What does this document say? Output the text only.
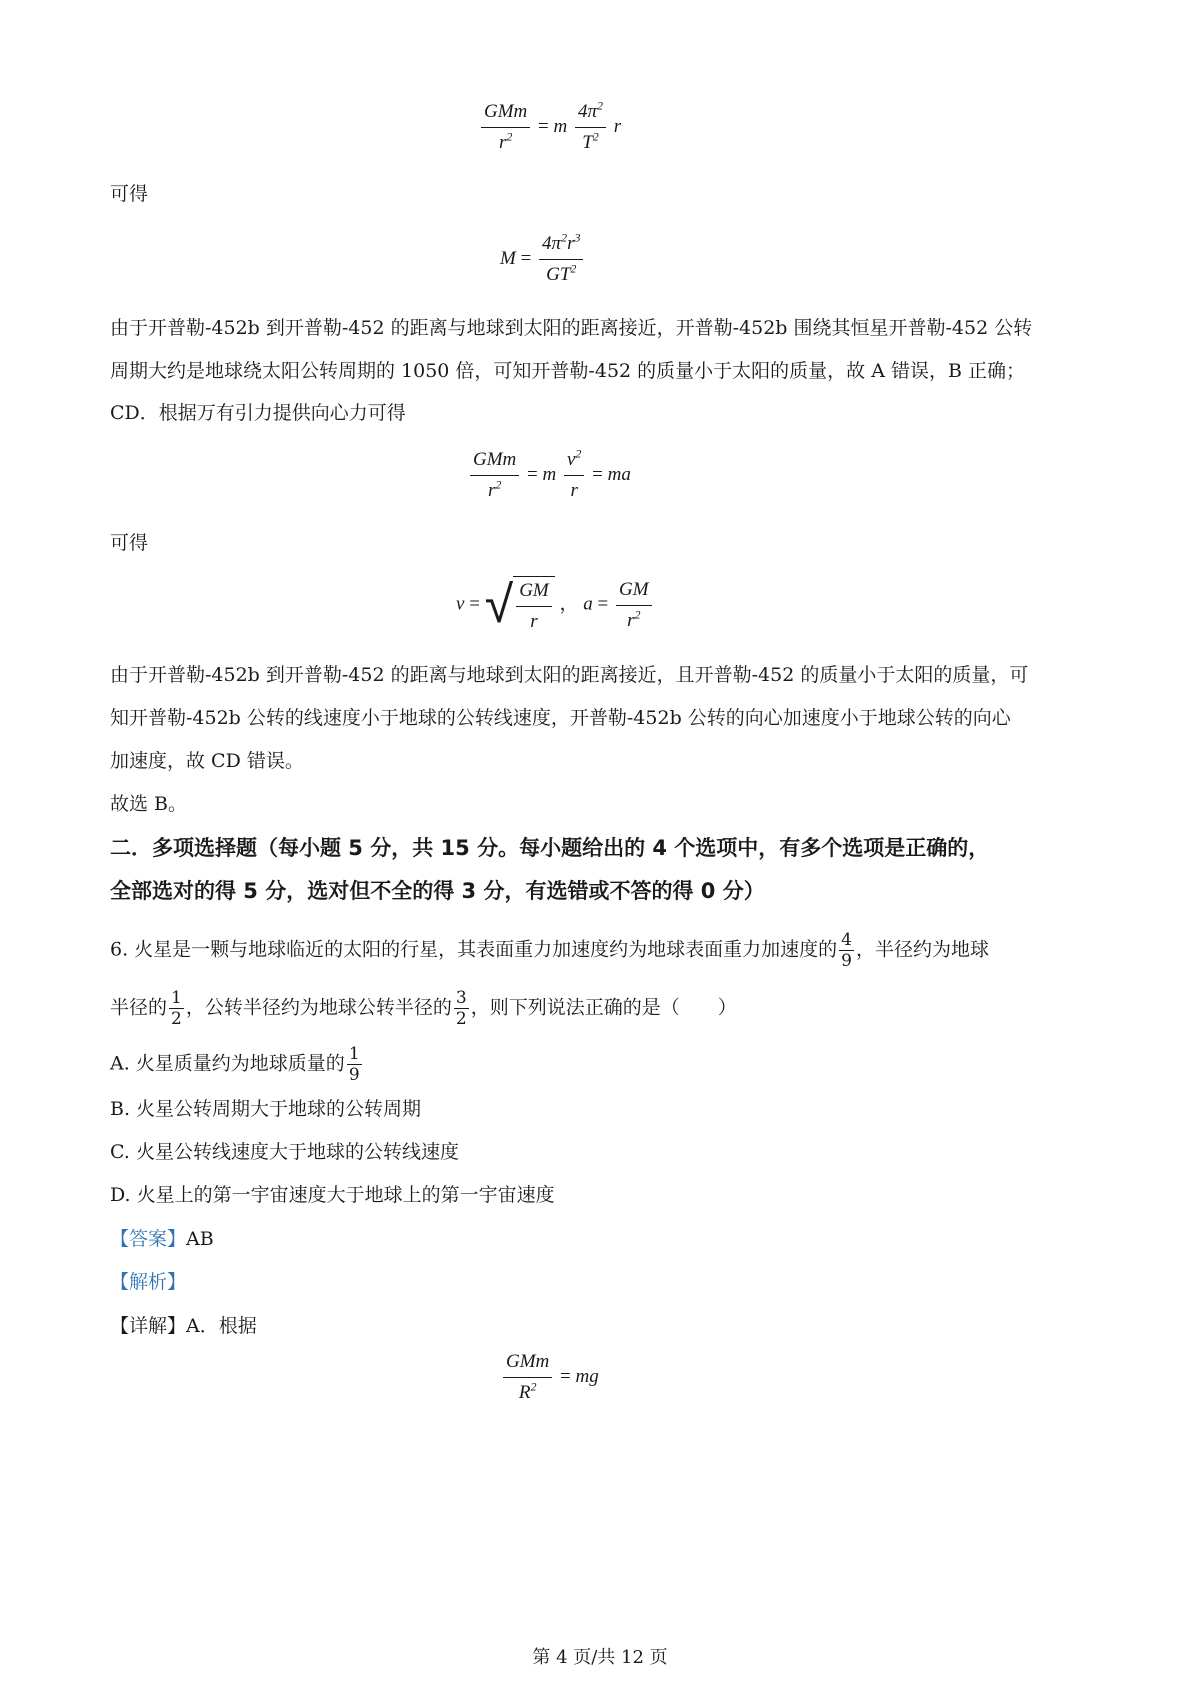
$\frac{\text{GMm}}{r^2} = m \frac{4\pi^2}{T^2}$ r
可得
$M = \frac{4\pi^2r^3}{GT^2}$
由于开普勒-452b 到开普勒-452 的距离与地球到太阳的距离接近，开普勒-452b 围绕其恒星开普勒-452 公转
周期大约是地球绕太阳公转周期的 1050 倍，可知开普勒-452 的质量小于太阳的质量，故 A 错误，B 正确；
CD．根据万有引力提供向心力可得
$\frac{\text{GMm}}{r^2} = m \frac{v^2}{r}$ = ma
可得
v = √ $\frac{GM}{r}$ ， $a = \frac{GM}{r^2}$
由于开普勒-452b 到开普勒-452 的距离与地球到太阳的距离接近，且开普勒-452 的质量小于太阳的质量，可
知开普勒-452b 公转的线速度小于地球的公转线速度，开普勒-452b 公转的向心加速度小于地球公转的向心
加速度，故 CD 错误。
故选 B。
二．多项选择题（每小题 5 分，共 15 分。每小题给出的 4 个选项中，有多个选项是正确的，
全部选对的得 5 分，选对但不全的得 3 分，有选错或不答的得 0 分）
6. 火星是一颗与地球临近的太阳的行星，其表面重力加速度约为地球表面重力加速度的 $\frac{4}{9}$ ，半径约为地球
半径的 $\frac{1}{2}$ ，公转半径约为地球公转半径的 $\frac{3}{2}$ ，则下列说法正确的是（　　）
A. 火星质量约为地球质量的 $\frac{1}{9}$
B. 火星公转周期大于地球的公转周期
C. 火星公转线速度大于地球的公转线速度
D. 火星上的第一宇宙速度大于地球上的第一宇宙速度
【答案】AB
【解析】
【详解】A．根据
$\frac{\text{GMm}}{R^2}$ = mg
第 4 页/共 12 页
